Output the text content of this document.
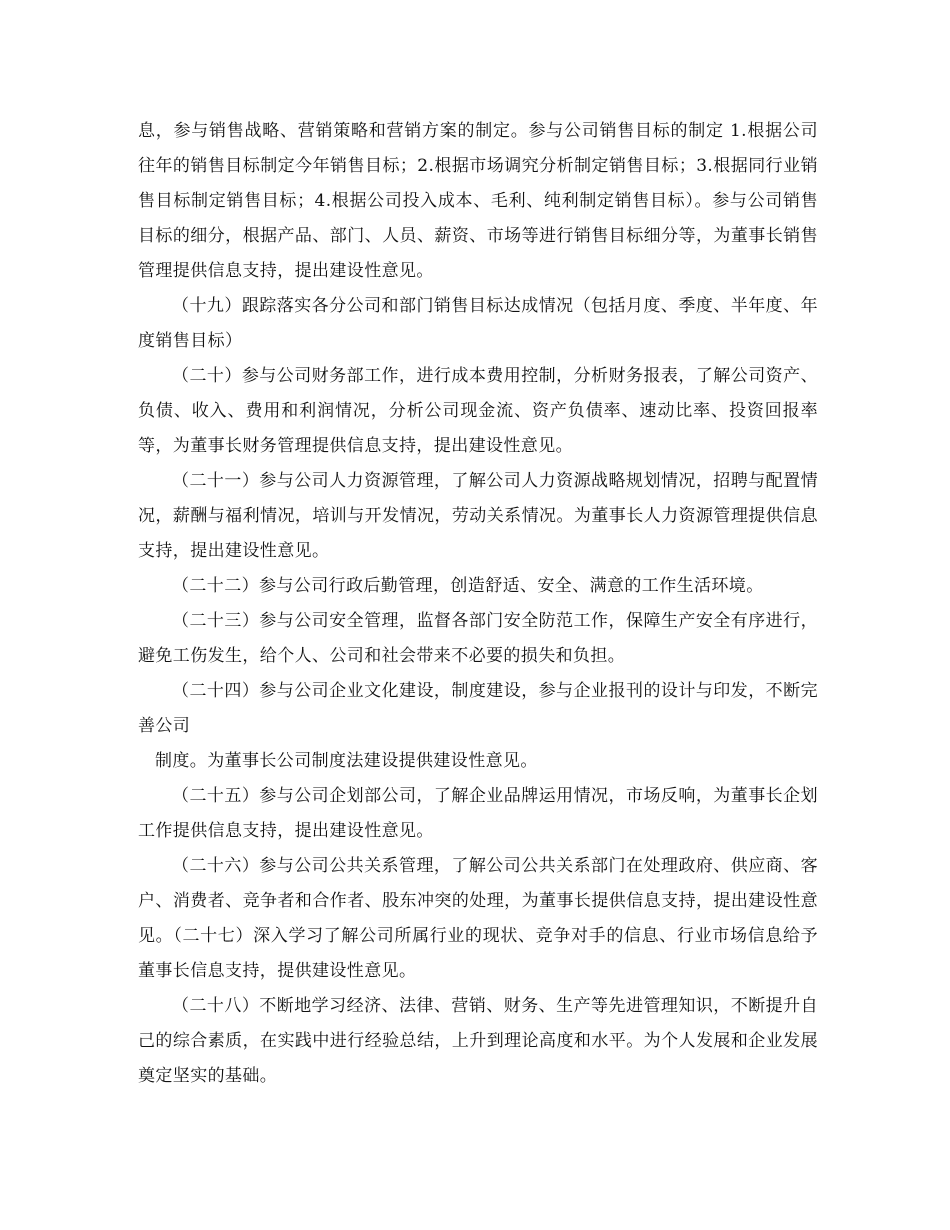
息，参与销售战略、营销策略和营销方案的制定。参与公司销售目标的制定 1.根据公司往年的销售目标制定今年销售目标；2.根据市场调究分析制定销售目标；3.根据同行业销售目标制定销售目标；4.根据公司投入成本、毛利、纯利制定销售目标）。参与公司销售目标的细分，根据产品、部门、人员、薪资、市场等进行销售目标细分等，为董事长销售管理提供信息支持，提出建设性意见。

（十九）跟踪落实各分公司和部门销售目标达成情况（包括月度、季度、半年度、年度销售目标）

（二十）参与公司财务部工作，进行成本费用控制，分析财务报表，了解公司资产、负债、收入、费用和利润情况，分析公司现金流、资产负债率、速动比率、投资回报率等，为董事长财务管理提供信息支持，提出建设性意见。

（二十一）参与公司人力资源管理，了解公司人力资源战略规划情况，招聘与配置情况，薪酬与福利情况，培训与开发情况，劳动关系情况。为董事长人力资源管理提供信息支持，提出建设性意见。

（二十二）参与公司行政后勤管理，创造舒适、安全、满意的工作生活环境。

（二十三）参与公司安全管理，监督各部门安全防范工作，保障生产安全有序进行，避免工伤发生，给个人、公司和社会带来不必要的损失和负担。

（二十四）参与公司企业文化建设，制度建设，参与企业报刊的设计与印发，不断完善公司

制度。为董事长公司制度法建设提供建设性意见。

（二十五）参与公司企划部公司，了解企业品牌运用情况，市场反响，为董事长企划工作提供信息支持，提出建设性意见。

（二十六）参与公司公共关系管理，了解公司公共关系部门在处理政府、供应商、客户、消费者、竞争者和合作者、股东冲突的处理，为董事长提供信息支持，提出建设性意见。（二十七）深入学习了解公司所属行业的现状、竞争对手的信息、行业市场信息给予董事长信息支持，提供建设性意见。

（二十八）不断地学习经济、法律、营销、财务、生产等先进管理知识，不断提升自己的综合素质，在实践中进行经验总结，上升到理论高度和水平。为个人发展和企业发展奠定坚实的基础。
